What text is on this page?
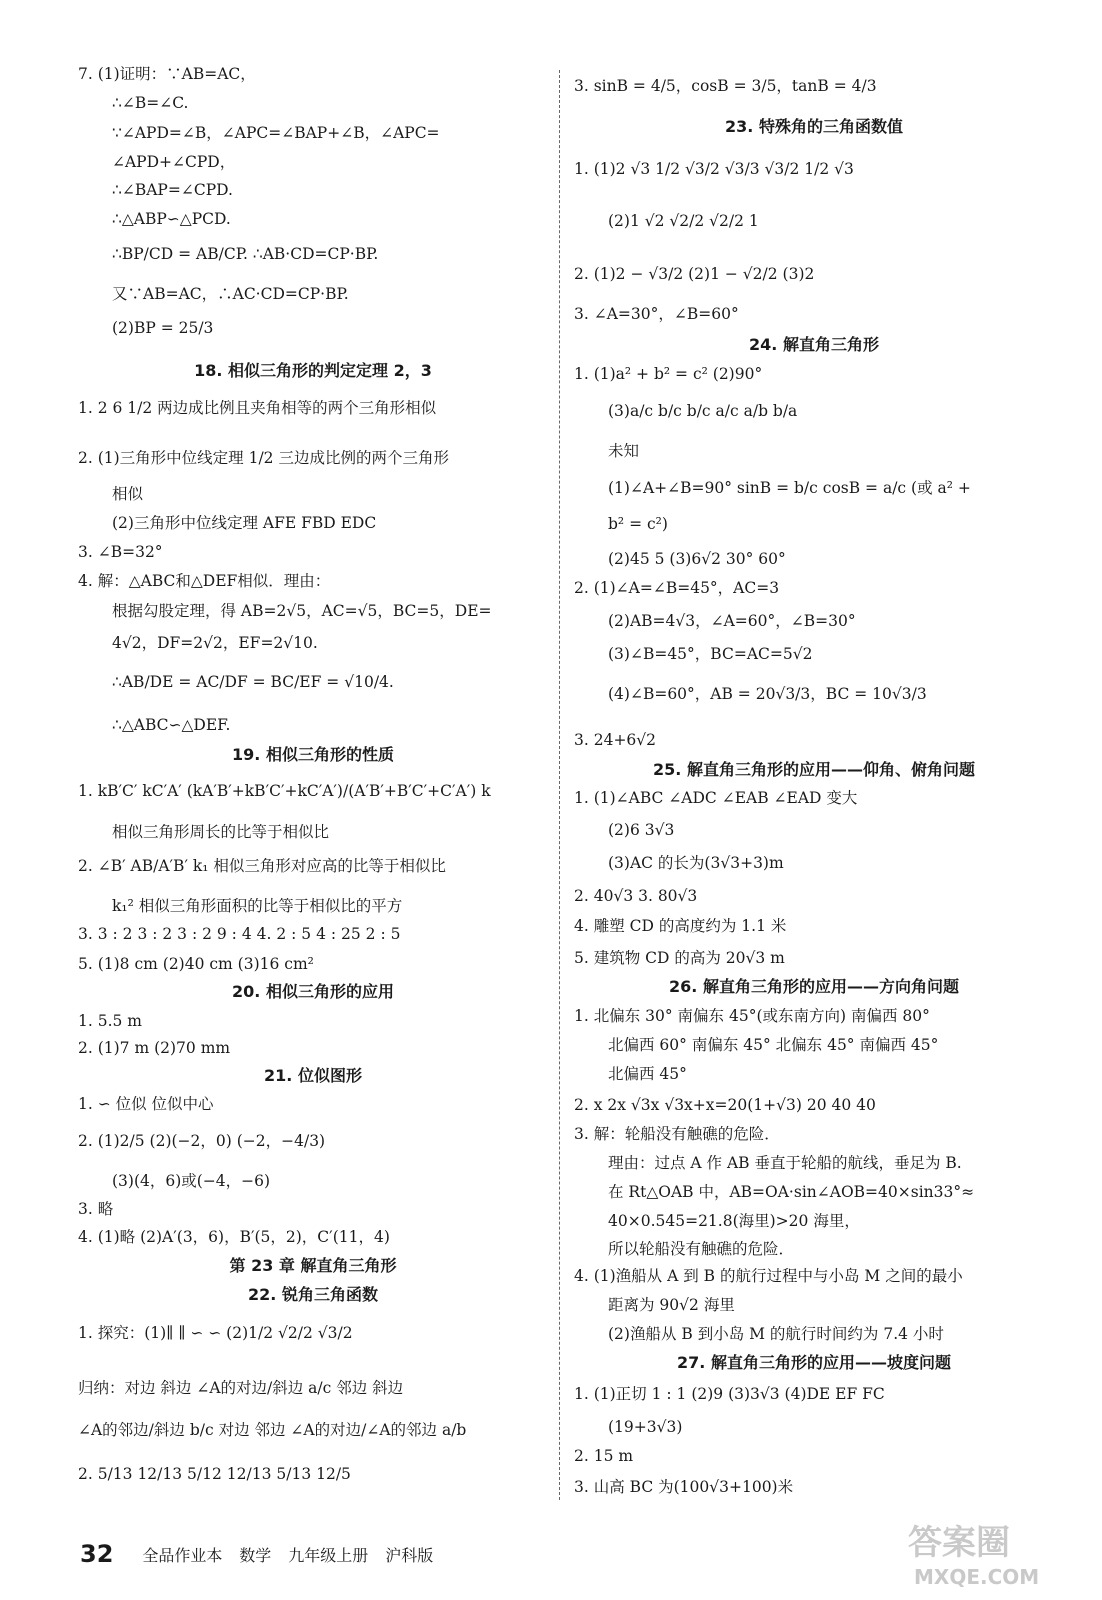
7. (1)证明：∵AB=AC，
∴∠B=∠C.
∵∠APD=∠B，∠APC=∠BAP+∠B，∠APC=
∠APD+∠CPD，
∴∠BAP=∠CPD.
∴△ABP∽△PCD.
∴BP/CD = AB/CP. ∴AB·CD=CP·BP.
又∵AB=AC，∴AC·CD=CP·BP.
(2)BP = 25/3
18. 相似三角形的判定定理 2，3
1. 2 6 1/2 两边成比例且夹角相等的两个三角形相似
2. (1)三角形中位线定理 1/2 三边成比例的两个三角形
相似
(2)三角形中位线定理 AFE FBD EDC
3. ∠B=32°
4. 解：△ABC和△DEF相似．理由：
根据勾股定理，得 AB=2√5，AC=√5，BC=5，DE=
4√2，DF=2√2，EF=2√10.
∴AB/DE = AC/DF = BC/EF = √10/4.
∴△ABC∽△DEF.
19. 相似三角形的性质
1. kB′C′ kC′A′ (kA′B′+kB′C′+kC′A′)/(A′B′+B′C′+C′A′) k
相似三角形周长的比等于相似比
2. ∠B′ AB/A′B′ k₁ 相似三角形对应高的比等于相似比
k₁² 相似三角形面积的比等于相似比的平方
3. 3 : 2 3 : 2 3 : 2 9 : 4 4. 2 : 5 4 : 25 2 : 5
5. (1)8 cm (2)40 cm (3)16 cm²
20. 相似三角形的应用
1. 5.5 m
2. (1)7 m (2)70 mm
21. 位似图形
1. ∽ 位似 位似中心
2. (1)2/5 (2)(−2，0) (−2，−4/3)
(3)(4，6)或(−4，−6)
3. 略
4. (1)略 (2)A′(3，6)，B′(5，2)，C′(11，4)
第 23 章 解直角三角形
22. 锐角三角函数
1. 探究：(1)∥ ∥ ∽ ∽ (2)1/2 √2/2 √3/2
归纳：对边 斜边 ∠A的对边/斜边 a/c 邻边 斜边
∠A的邻边/斜边 b/c 对边 邻边 ∠A的对边/∠A的邻边 a/b
2. 5/13 12/13 5/12 12/13 5/13 12/5
3. sinB = 4/5，cosB = 3/5，tanB = 4/3
23. 特殊角的三角函数值
1. (1)2 √3 1/2 √3/2 √3/3 √3/2 1/2 √3
(2)1 √2 √2/2 √2/2 1
2. (1)2 − √3/2 (2)1 − √2/2 (3)2
3. ∠A=30°，∠B=60°
24. 解直角三角形
1. (1)a² + b² = c² (2)90°
(3)a/c b/c b/c a/c a/b b/a
未知
(1)∠A+∠B=90° sinB = b/c cosB = a/c (或 a² +
b² = c²)
(2)45 5 (3)6√2 30° 60°
2. (1)∠A=∠B=45°，AC=3
(2)AB=4√3，∠A=60°，∠B=30°
(3)∠B=45°，BC=AC=5√2
(4)∠B=60°，AB = 20√3/3，BC = 10√3/3
3. 24+6√2
25. 解直角三角形的应用——仰角、俯角问题
1. (1)∠ABC ∠ADC ∠EAB ∠EAD 变大
(2)6 3√3
(3)AC 的长为(3√3+3)m
2. 40√3 3. 80√3
4. 雕塑 CD 的高度约为 1.1 米
5. 建筑物 CD 的高为 20√3 m
26. 解直角三角形的应用——方向角问题
1. 北偏东 30° 南偏东 45°(或东南方向) 南偏西 80°
北偏西 60° 南偏东 45° 北偏东 45° 南偏西 45°
北偏西 45°
2. x 2x √3x √3x+x=20(1+√3) 20 40 40
3. 解：轮船没有触礁的危险．
理由：过点 A 作 AB 垂直于轮船的航线，垂足为 B.
在 Rt△OAB 中，AB=OA·sin∠AOB=40×sin33°≈
40×0.545=21.8(海里)>20 海里，
所以轮船没有触礁的危险．
4. (1)渔船从 A 到 B 的航行过程中与小岛 M 之间的最小
距离为 90√2 海里
(2)渔船从 B 到小岛 M 的航行时间约为 7.4 小时
27. 解直角三角形的应用——坡度问题
1. (1)正切 1 : 1 (2)9 (3)3√3 (4)DE EF FC
(19+3√3)
2. 15 m
3. 山高 BC 为(100√3+100)米
32 全品作业本 数学 九年级上册 沪科版	答案圈
MXQE.COM
